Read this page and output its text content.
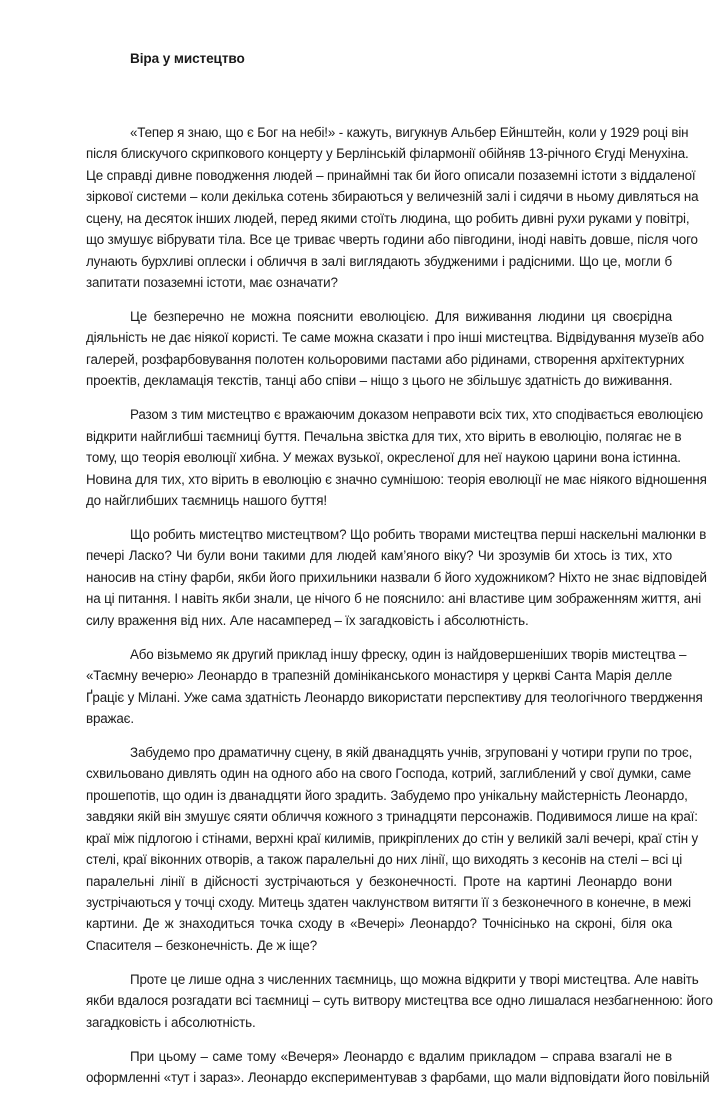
Віра у мистецтво
«Тепер я знаю, що є Бог на небі!» - кажуть, вигукнув Альбер Ейнштейн, коли у 1929 році він
після блискучого скрипкового концерту у Берлінській філармонії обійняв 13-річного Єгуді Менухіна.
Це справді дивне поводження людей – принаймні так би його описали позаземні істоти з віддаленої
зіркової системи – коли декілька сотень збираються у величезній залі і сидячи в ньому дивляться на
сцену, на десяток інших людей, перед якими стоїть людина, що робить дивні рухи руками у повітрі,
що змушує вібрувати тіла. Все це триває чверть години або півгодини, іноді навіть довше, після чого
лунають бурхливі оплески і обличчя в залі виглядають збудженими і радісними. Що це, могли б
запитати позаземні істоти, має означати?
Це безперечно не можна пояснити еволюцією. Для виживання людини ця своєрідна
діяльність не дає ніякої користі. Те саме можна сказати і про інші мистецтва. Відвідування музеїв або
галерей, розфарбовування полотен кольоровими пастами або рідинами, створення архітектурних
проектів, декламація текстів, танці або співи – ніщо з цього не збільшує здатність до виживання.
Разом з тим мистецтво є вражаючим доказом неправоти всіх тих, хто сподівається еволюцією
відкрити найглибші таємниці буття. Печальна звістка для тих, хто вірить в еволюцію, полягає не в
тому, що теорія еволюції хибна. У межах вузької, окресленої для неї наукою царини вона істинна.
Новина для тих, хто вірить в еволюцію є значно сумнішою: теорія еволюції не має ніякого відношення
до найглибших таємниць нашого буття!
Що робить мистецтво мистецтвом? Що робить творами мистецтва перші наскельні малюнки в
печері Ласко? Чи були вони такими для людей кам’яного віку? Чи зрозумів би хтось із тих, хто
наносив на стіну фарби, якби його прихильники назвали б його художником? Ніхто не знає відповідей
на ці питання. І навіть якби знали, це нічого б не пояснило: ані властиве цим зображенням життя, ані
силу враження від них. Але насамперед – їх загадковість і абсолютність.
Або візьмемо як другий приклад іншу фреску, один із найдовершеніших творів мистецтва –
«Таємну вечерю» Леонардо в трапезній домініканського монастиря у церкві Санта Марія делле
Ґраціє у Мілані. Уже сама здатність Леонардо використати перспективу для теологічного твердження
вражає.
Забудемо про драматичну сцену, в якій дванадцять учнів, згруповані у чотири групи по троє,
схвильовано дивлять один на одного або на свого Господа, котрий, заглиблений у свої думки, саме
прошепотів, що один із дванадцяти його зрадить. Забудемо про унікальну майстерність Леонардо,
завдяки якій він змушує сяяти обличчя кожного з тринадцяти персонажів. Подивимося лише на краї:
краї між підлогою і стінами, верхні краї килимів, прикріплених до стін у великій залі вечері, краї стін у
стелі, краї віконних отворів, а також паралельні до них лінії, що виходять з кесонів на стелі – всі ці
паралельні лінії в дійсності зустрічаються у безконечності. Проте на картині Леонардо вони
зустрічаються у точці сходу. Митець здатен чаклунством витягти її з безконечного в конечне, в межі
картини. Де ж знаходиться точка сходу в «Вечері» Леонардо? Точнісінько на скроні, біля ока
Спасителя – безконечність. Де ж іще?
Проте це лише одна з численних таємниць, що можна відкрити у творі мистецтва. Але навіть
якби вдалося розгадати всі таємниці – суть витвору мистецтва все одно лишалася незбагненною: його
загадковість і абсолютність.
При цьому – саме тому «Вечеря» Леонардо є вдалим прикладом – справа взагалі не в
оформленні «тут і зараз». Леонардо експериментував з фарбами, що мали відповідати його повільній
